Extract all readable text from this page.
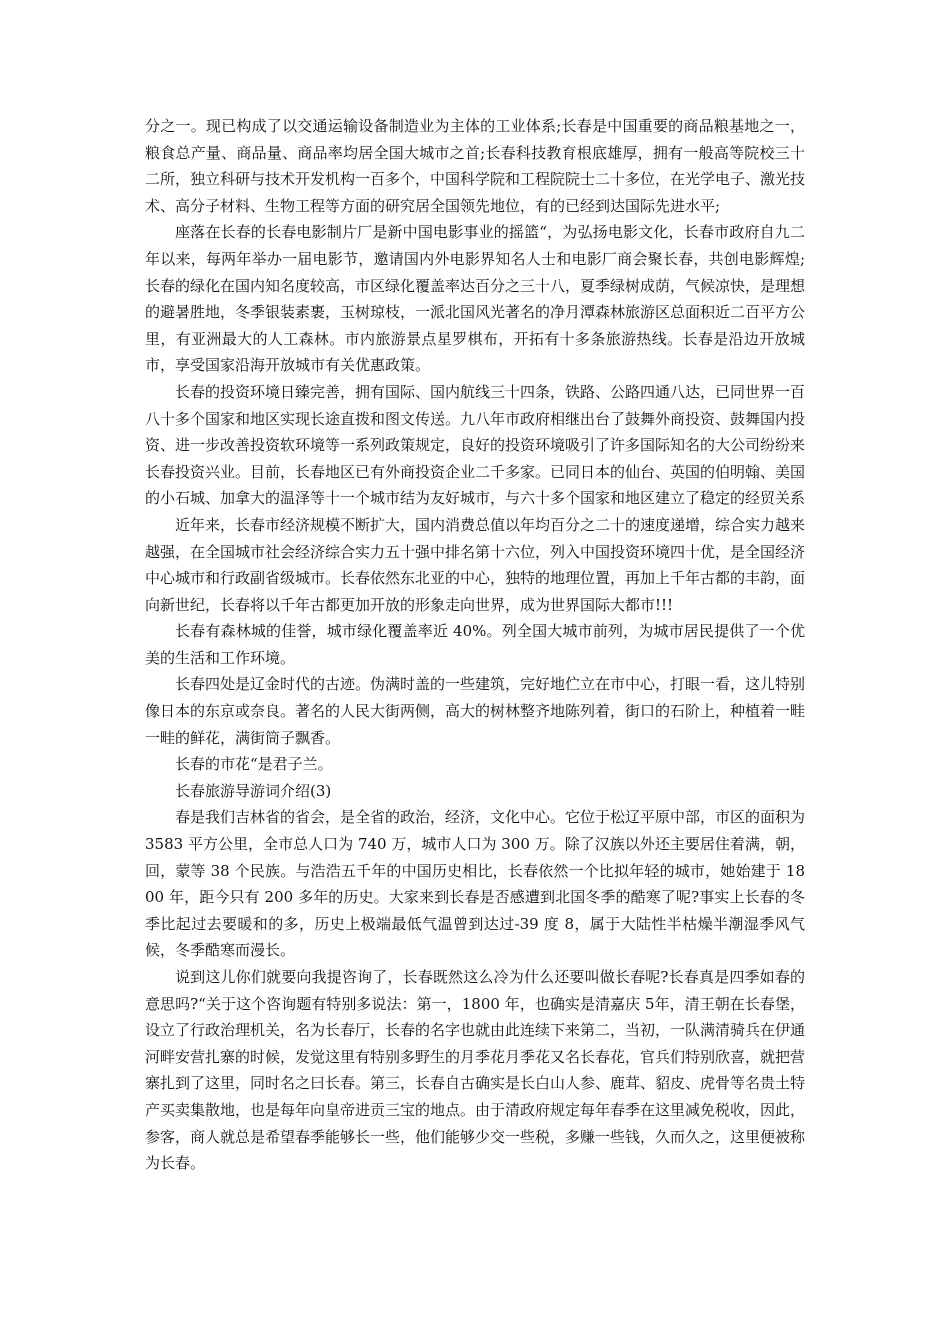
分之一。现已构成了以交通运输设备制造业为主体的工业体系;长春是中国重要的商品粮基地之一，粮食总产量、商品量、商品率均居全国大城市之首;长春科技教育根底雄厚，拥有一般高等院校三十二所，独立科研与技术开发机构一百多个，中国科学院和工程院院士二十多位，在光学电子、激光技术、高分子材料、生物工程等方面的研究居全国领先地位，有的已经到达国际先进水平;

座落在长春的长春电影制片厂是新中国电影事业的摇篮“，为弘扬电影文化，长春市政府自九二年以来，每两年举办一届电影节，邀请国内外电影界知名人士和电影厂商会聚长春，共创电影辉煌;长春的绿化在国内知名度较高，市区绿化覆盖率达百分之三十八，夏季绿树成荫，气候凉快，是理想的避暑胜地，冬季银装素裹，玉树琼枝，一派北国风光著名的净月潭森林旅游区总面积近二百平方公里，有亚洲最大的人工森林。市内旅游景点星罗棋布，开拓有十多条旅游热线。长春是沿边开放城市，享受国家沿海开放城市有关优惠政策。

长春的投资环境日臻完善，拥有国际、国内航线三十四条，铁路、公路四通八达，已同世界一百八十多个国家和地区实现长途直拨和图文传送。九八年市政府相继出台了鼓舞外商投资、鼓舞国内投资、进一步改善投资软环境等一系列政策规定，良好的投资环境吸引了许多国际知名的大公司纷纷来长春投资兴业。目前，长春地区已有外商投资企业二千多家。已同日本的仙台、英国的伯明翰、美国的小石城、加拿大的温泽等十一个城市结为友好城市，与六十多个国家和地区建立了稳定的经贸关系

近年来，长春市经济规模不断扩大，国内消费总值以年均百分之二十的速度递增，综合实力越来越强，在全国城市社会经济综合实力五十强中排名第十六位，列入中国投资环境四十优，是全国经济中心城市和行政副省级城市。长春依然东北亚的中心，独特的地理位置，再加上千年古都的丰韵，面向新世纪，长春将以千年古都更加开放的形象走向世界，成为世界国际大都市!!!

长春有森林城的佳誉，城市绿化覆盖率近 40%。列全国大城市前列，为城市居民提供了一个优美的生活和工作环境。

长春四处是辽金时代的古迹。伪满时盖的一些建筑，完好地伫立在市中心，打眼一看，这儿特别像日本的东京或奈良。著名的人民大街两侧，高大的树林整齐地陈列着，街口的石阶上，种植着一畦一畦的鲜花，满街筒子飘香。

长春的市花“是君子兰。

长春旅游导游词介绍(3)

春是我们吉林省的省会，是全省的政治，经济，文化中心。它位于松辽平原中部，市区的面积为 3583 平方公里，全市总人口为 740 万，城市人口为 300 万。除了汉族以外还主要居住着满，朝，回，蒙等 38 个民族。与浩浩五千年的中国历史相比，长春依然一个比拟年轻的城市，她始建于 1800 年，距今只有 200 多年的历史。大家来到长春是否感遭到北国冬季的酷寒了呢?事实上长春的冬季比起过去要暖和的多，历史上极端最低气温曾到达过-39 度 8，属于大陆性半枯燥半潮湿季风气候，冬季酷寒而漫长。

说到这儿你们就要向我提咨询了，长春既然这么冷为什么还要叫做长春呢?长春真是四季如春的意思吗?“关于这个咨询题有特别多说法：第一，1800 年，也确实是清嘉庆 5年，清王朝在长春堡，设立了行政治理机关，名为长春厅，长春的名字也就由此连续下来第二，当初，一队满清骑兵在伊通河畔安营扎寨的时候，发觉这里有特别多野生的月季花月季花又名长春花，官兵们特别欣喜，就把营寨扎到了这里，同时名之曰长春。第三，长春自古确实是长白山人参、鹿茸、貂皮、虎骨等名贵土特产买卖集散地，也是每年向皇帝进贡三宝的地点。由于清政府规定每年春季在这里减免税收，因此，参客，商人就总是希望春季能够长一些，他们能够少交一些税，多赚一些钱，久而久之，这里便被称为长春。
